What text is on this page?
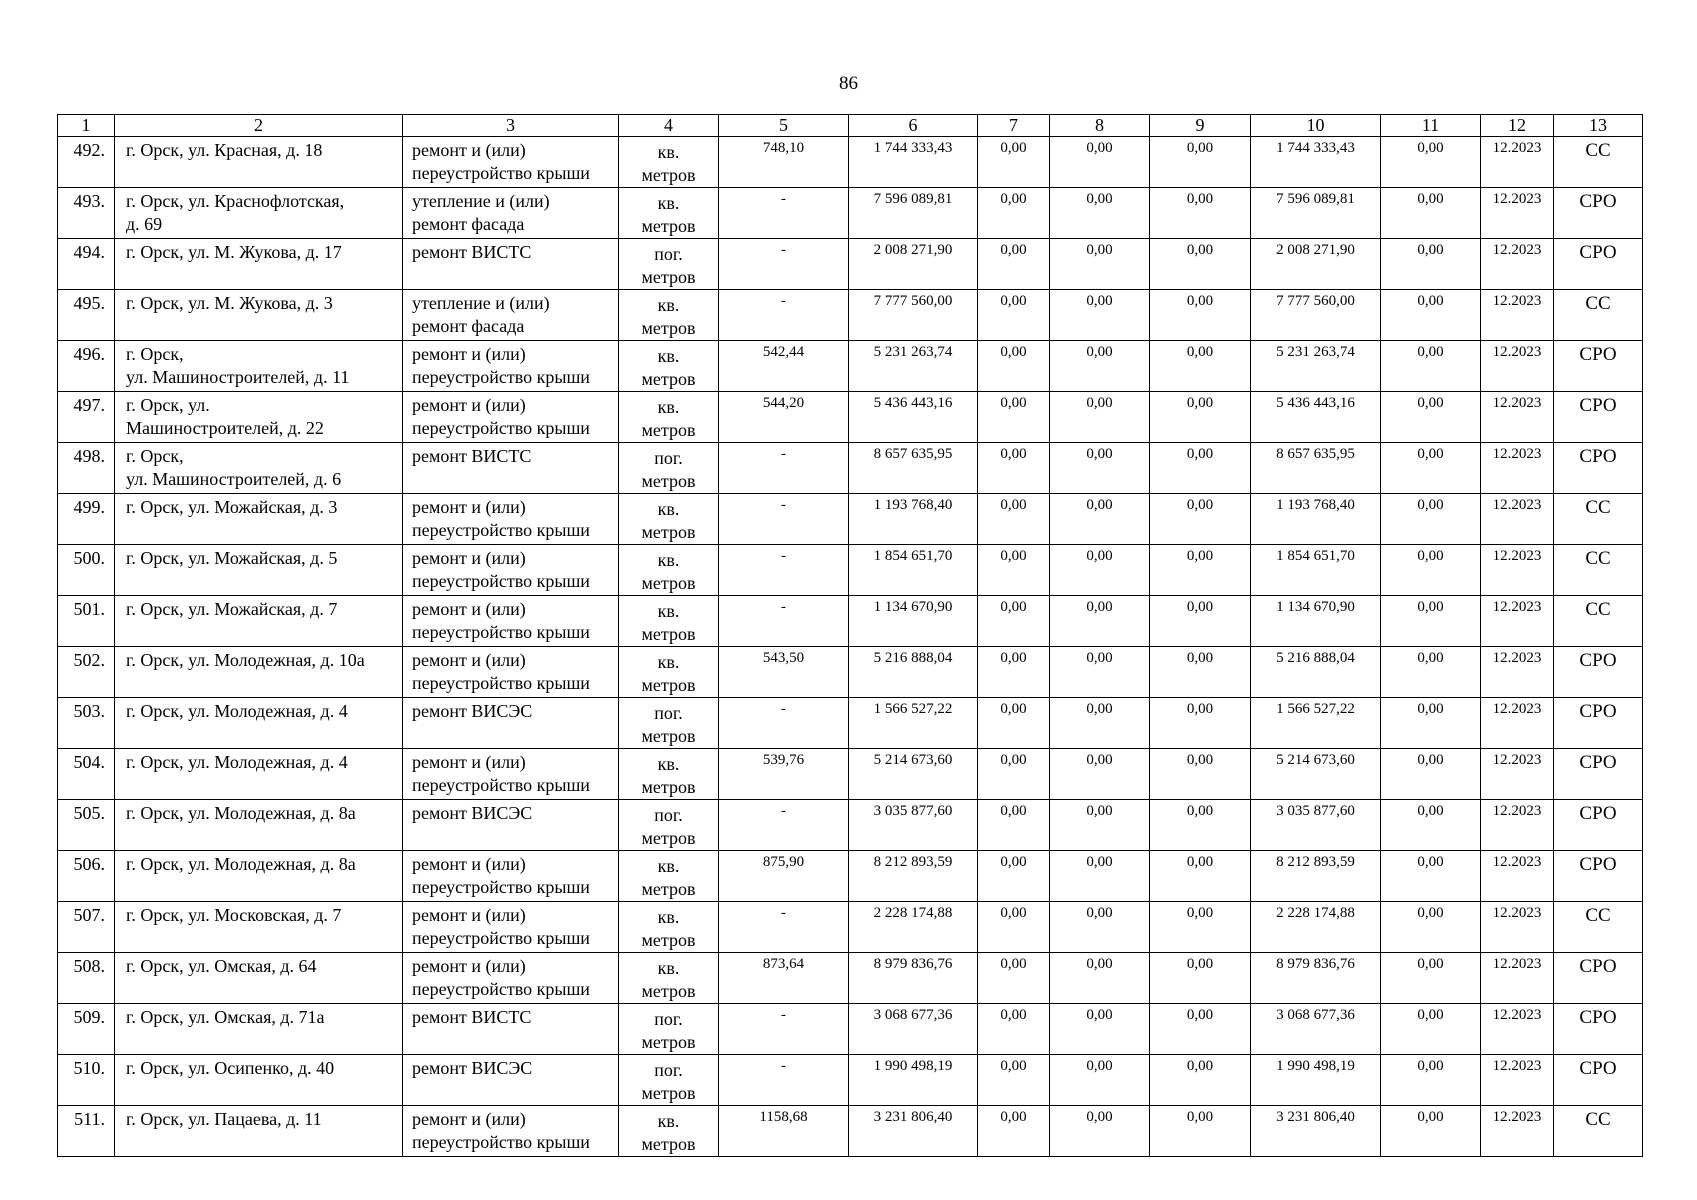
86
1	2	3	4	5	6	7	8	9	10	11	12	13
492.	г. Орск, ул. Красная, д. 18	ремонт и (или)
переустройство крыши	кв.
метров	748,10	1 744 333,43	0,00	0,00	0,00	1 744 333,43	0,00	12.2023	СС
493.	г. Орск, ул. Краснофлотская,
д. 69	утепление и (или)
ремонт фасада	кв.
метров	-	7 596 089,81	0,00	0,00	0,00	7 596 089,81	0,00	12.2023	СРО
494.	г. Орск, ул. М. Жукова, д. 17	ремонт ВИСТС	пог.
метров	-	2 008 271,90	0,00	0,00	0,00	2 008 271,90	0,00	12.2023	СРО
495.	г. Орск, ул. М. Жукова, д. 3	утепление и (или)
ремонт фасада	кв.
метров	-	7 777 560,00	0,00	0,00	0,00	7 777 560,00	0,00	12.2023	СС
496.	г. Орск,
ул. Машиностроителей, д. 11	ремонт и (или)
переустройство крыши	кв.
метров	542,44	5 231 263,74	0,00	0,00	0,00	5 231 263,74	0,00	12.2023	СРО
497.	г. Орск, ул.
Машиностроителей, д. 22	ремонт и (или)
переустройство крыши	кв.
метров	544,20	5 436 443,16	0,00	0,00	0,00	5 436 443,16	0,00	12.2023	СРО
498.	г. Орск,
ул. Машиностроителей, д. 6	ремонт ВИСТС	пог.
метров	-	8 657 635,95	0,00	0,00	0,00	8 657 635,95	0,00	12.2023	СРО
499.	г. Орск, ул. Можайская, д. 3	ремонт и (или)
переустройство крыши	кв.
метров	-	1 193 768,40	0,00	0,00	0,00	1 193 768,40	0,00	12.2023	СС
500.	г. Орск, ул. Можайская, д. 5	ремонт и (или)
переустройство крыши	кв.
метров	-	1 854 651,70	0,00	0,00	0,00	1 854 651,70	0,00	12.2023	СС
501.	г. Орск, ул. Можайская, д. 7	ремонт и (или)
переустройство крыши	кв.
метров	-	1 134 670,90	0,00	0,00	0,00	1 134 670,90	0,00	12.2023	СС
502.	г. Орск, ул. Молодежная, д. 10а	ремонт и (или)
переустройство крыши	кв.
метров	543,50	5 216 888,04	0,00	0,00	0,00	5 216 888,04	0,00	12.2023	СРО
503.	г. Орск, ул. Молодежная, д. 4	ремонт ВИСЭС	пог.
метров	-	1 566 527,22	0,00	0,00	0,00	1 566 527,22	0,00	12.2023	СРО
504.	г. Орск, ул. Молодежная, д. 4	ремонт и (или)
переустройство крыши	кв.
метров	539,76	5 214 673,60	0,00	0,00	0,00	5 214 673,60	0,00	12.2023	СРО
505.	г. Орск, ул. Молодежная, д. 8а	ремонт ВИСЭС	пог.
метров	-	3 035 877,60	0,00	0,00	0,00	3 035 877,60	0,00	12.2023	СРО
506.	г. Орск, ул. Молодежная, д. 8а	ремонт и (или)
переустройство крыши	кв.
метров	875,90	8 212 893,59	0,00	0,00	0,00	8 212 893,59	0,00	12.2023	СРО
507.	г. Орск, ул. Московская, д. 7	ремонт и (или)
переустройство крыши	кв.
метров	-	2 228 174,88	0,00	0,00	0,00	2 228 174,88	0,00	12.2023	СС
508.	г. Орск, ул. Омская, д. 64	ремонт и (или)
переустройство крыши	кв.
метров	873,64	8 979 836,76	0,00	0,00	0,00	8 979 836,76	0,00	12.2023	СРО
509.	г. Орск, ул. Омская, д. 71а	ремонт ВИСТС	пог.
метров	-	3 068 677,36	0,00	0,00	0,00	3 068 677,36	0,00	12.2023	СРО
510.	г. Орск, ул. Осипенко, д. 40	ремонт ВИСЭС	пог.
метров	-	1 990 498,19	0,00	0,00	0,00	1 990 498,19	0,00	12.2023	СРО
511.	г. Орск, ул. Пацаева, д. 11	ремонт и (или)
переустройство крыши	кв.
метров	1158,68	3 231 806,40	0,00	0,00	0,00	3 231 806,40	0,00	12.2023	СС
